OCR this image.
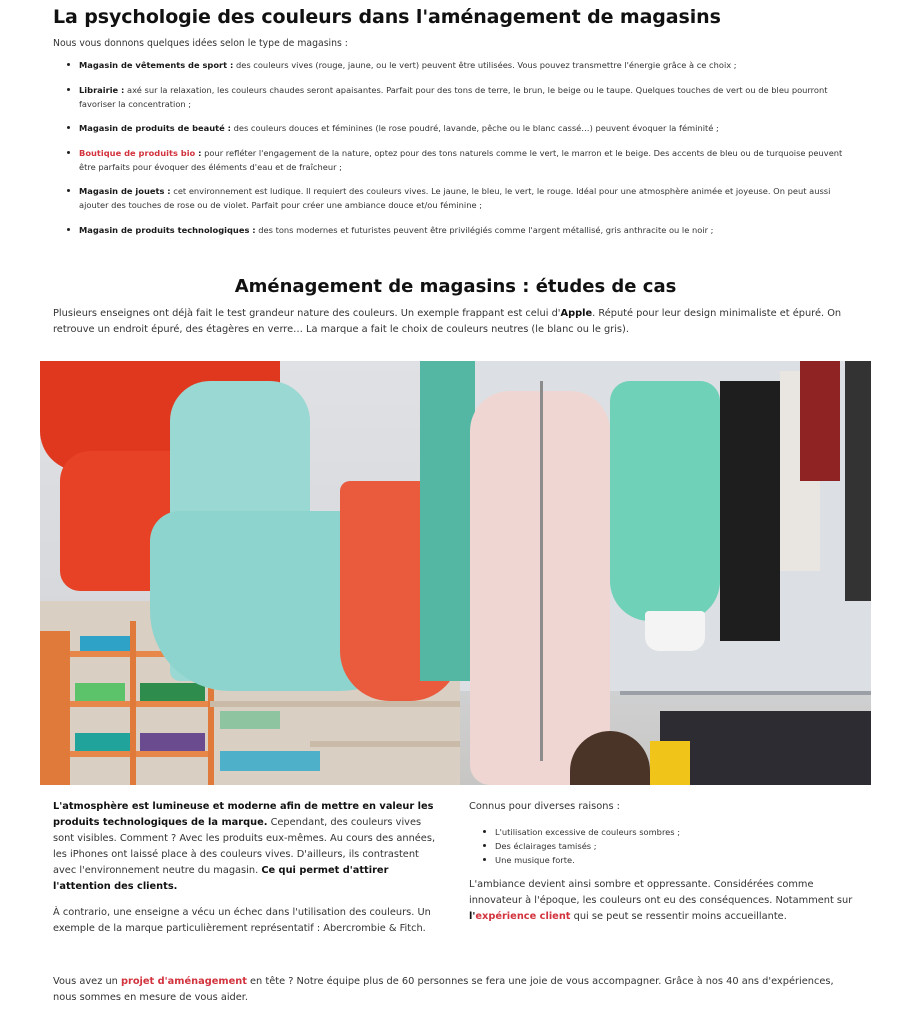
La psychologie des couleurs dans l'aménagement de magasins

Nous vous donnons quelques idées selon le type de magasins :

Magasin de vêtements de sport : des couleurs vives (rouge, jaune, ou le vert) peuvent être utilisées. Vous pouvez transmettre l'énergie grâce à ce choix ;
Librairie : axé sur la relaxation, les couleurs chaudes seront apaisantes. Parfait pour des tons de terre, le brun, le beige ou le taupe. Quelques touches de vert ou de bleu pourront favoriser la concentration ;
Magasin de produits de beauté : des couleurs douces et féminines (le rose poudré, lavande, pêche ou le blanc cassé…) peuvent évoquer la féminité ;
Boutique de produits bio : pour refléter l'engagement de la nature, optez pour des tons naturels comme le vert, le marron et le beige. Des accents de bleu ou de turquoise peuvent être parfaits pour évoquer des éléments d'eau et de fraîcheur ;
Magasin de jouets : cet environnement est ludique. Il requiert des couleurs vives. Le jaune, le bleu, le vert, le rouge. Idéal pour une atmosphère animée et joyeuse. On peut aussi ajouter des touches de rose ou de violet. Parfait pour créer une ambiance douce et/ou féminine ;
Magasin de produits technologiques : des tons modernes et futuristes peuvent être privilégiés comme l'argent métallisé, gris anthracite ou le noir ;
Aménagement de magasins : études de cas

Plusieurs enseignes ont déjà fait le test grandeur nature des couleurs. Un exemple frappant est celui d'Apple. Réputé pour leur design minimaliste et épuré. On retrouve un endroit épuré, des étagères en verre… La marque a fait le choix de couleurs neutres (le blanc ou le gris).

L'atmosphère est lumineuse et moderne afin de mettre en valeur les produits technologiques de la marque. Cependant, des couleurs vives sont visibles. Comment ? Avec les produits eux-mêmes. Au cours des années, les iPhones ont laissé place à des couleurs vives. D'ailleurs, ils contrastent avec l'environnement neutre du magasin. Ce qui permet d'attirer l'attention des clients.

À contrario, une enseigne a vécu un échec dans l'utilisation des couleurs. Un exemple de la marque particulièrement représentatif : Abercrombie & Fitch.

Connus pour diverses raisons :

L'utilisation excessive de couleurs sombres ;
Des éclairages tamisés ;
Une musique forte.

L'ambiance devient ainsi sombre et oppressante. Considérées comme innovateur à l'époque, les couleurs ont eu des conséquences. Notamment sur l'expérience client qui se peut se ressentir moins accueillante.

Vous avez un projet d'aménagement en tête ? Notre équipe plus de 60 personnes se fera une joie de vous accompagner. Grâce à nos 40 ans d'expériences, nous sommes en mesure de vous aider.
